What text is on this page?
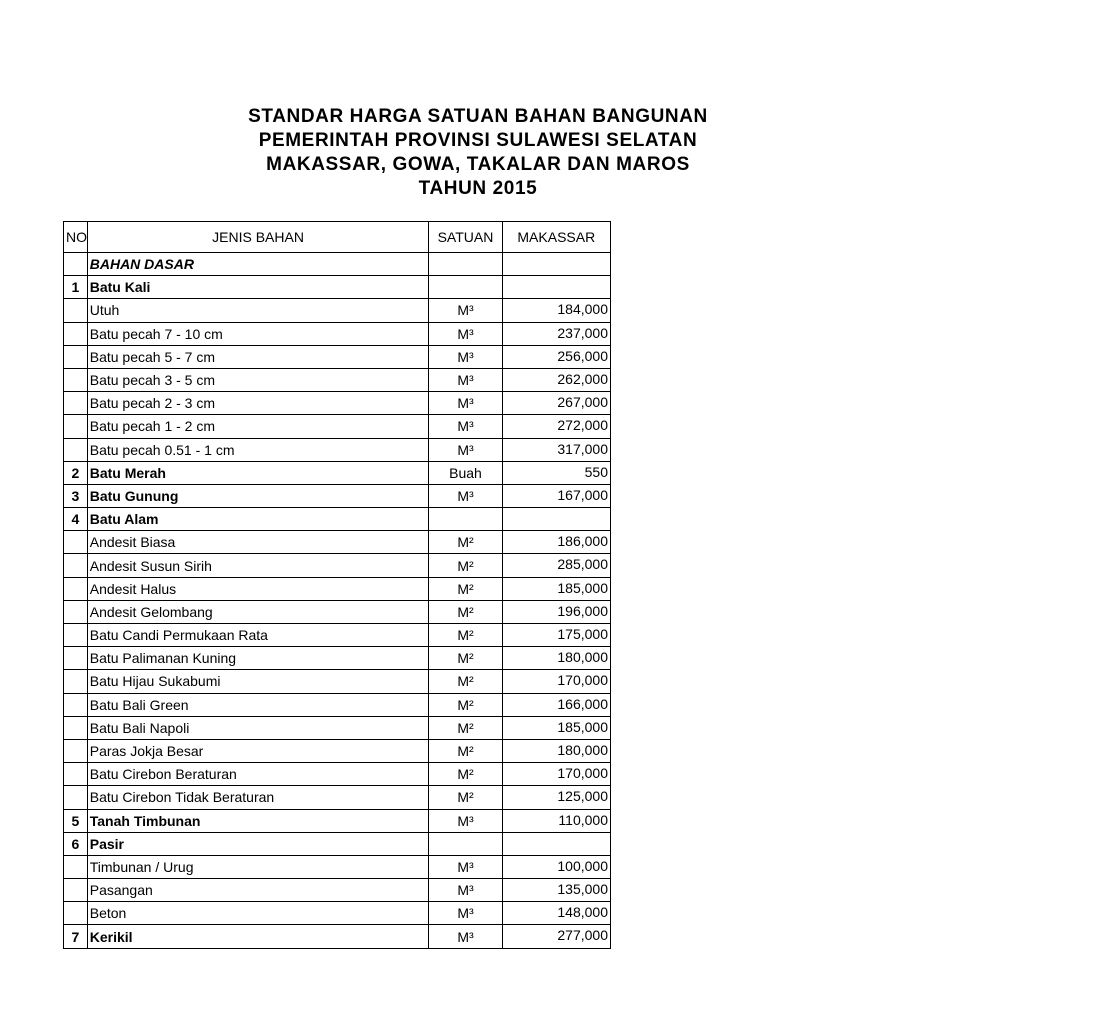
STANDAR HARGA SATUAN BAHAN BANGUNAN
PEMERINTAH PROVINSI SULAWESI SELATAN
MAKASSAR, GOWA, TAKALAR DAN MAROS
TAHUN 2015
NO	JENIS BAHAN	SATUAN	MAKASSAR
	BAHAN DASAR		
1	Batu Kali		
	Utuh	M³	184,000
	Batu pecah 7 - 10 cm	M³	237,000
	Batu pecah 5 - 7 cm	M³	256,000
	Batu pecah 3 - 5 cm	M³	262,000
	Batu pecah 2 - 3 cm	M³	267,000
	Batu pecah 1 - 2 cm	M³	272,000
	Batu pecah 0.51 - 1 cm	M³	317,000
2	Batu Merah	Buah	550
3	Batu Gunung	M³	167,000
4	Batu Alam		
	Andesit Biasa	M²	186,000
	Andesit Susun Sirih	M²	285,000
	Andesit Halus	M²	185,000
	Andesit Gelombang	M²	196,000
	Batu Candi Permukaan Rata	M²	175,000
	Batu Palimanan Kuning	M²	180,000
	Batu Hijau Sukabumi	M²	170,000
	Batu Bali Green	M²	166,000
	Batu Bali Napoli	M²	185,000
	Paras Jokja Besar	M²	180,000
	Batu Cirebon Beraturan	M²	170,000
	Batu Cirebon Tidak Beraturan	M²	125,000
5	Tanah Timbunan	M³	110,000
6	Pasir		
	Timbunan / Urug	M³	100,000
	Pasangan	M³	135,000
	Beton	M³	148,000
7	Kerikil	M³	277,000
